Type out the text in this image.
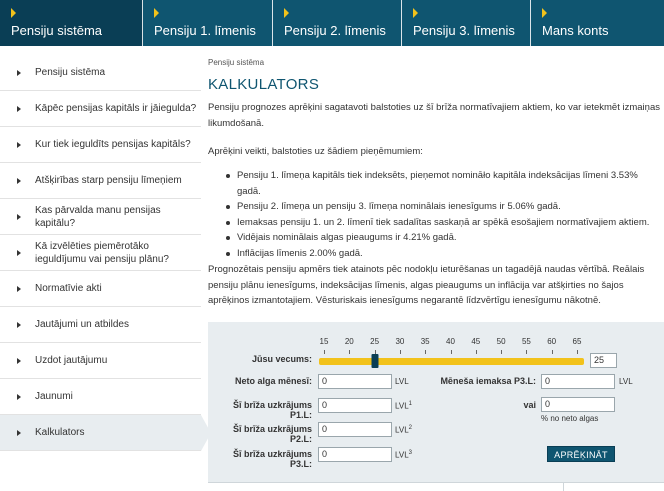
Pensiju sistēma	Pensiju 1. līmenis	Pensiju 2. līmenis	Pensiju 3. līmenis	Mans konts
Pensiju sistēma
Kāpēc pensijas kapitāls ir jāiegulda?
Kur tiek ieguldīts pensijas kapitāls?
Atšķirības starp pensiju līmeņiem
Kas pārvalda manu pensijas kapitālu?
Kā izvēlēties piemērotāko ieguldījumu vai pensiju plānu?
Normatīvie akti
Jautājumi un atbildes
Uzdot jautājumu
Jaunumi
Kalkulators
Pensiju sistēma
KALKULATORS
Pensiju prognozes aprēķini sagatavoti balstoties uz šī brīža normatīvajiem aktiem, ko var ietekmēt izmaiņas likumdošanā.
Aprēķini veikti, balstoties uz šādiem pieņēmumiem:
Pensiju 1. līmeņa kapitāls tiek indeksēts, pieņemot nomināło kapitāla indeksācijas līmeni 3.53% gadā.
Pensiju 2. līmeņa un pensiju 3. līmeņa nominālais ienesīgums ir 5.06% gadā.
Iemaksas pensiju 1. un 2. līmenī tiek sadalītas saskaņā ar spēkā esošajiem normatīvajiem aktiem.
Vidējais nominālais algas pieaugums ir 4.21% gadā.
Inflācijas līmenis 2.00% gadā.
Prognozētais pensiju apmērs tiek atainots pēc nodokļu ieturēšanas un tagadējā naudas vērtībā. Reālais pensiju plānu ienesīgums, indeksācijas līmenis, algas pieaugums un inflācija var atšķirties no šajos aprēķinos izmantotajiem. Vēsturiskais ienesīgums negarantē līdzvērtīgu ienesīgumu nākotnē.
15 20 25 30 35 40 45 50 55 60 65
Jūsu vecums:	25
Neto alga mēnesī:	0	LVL	Mēneša iemaksa P3.L:	0	LVL
Šī brīža uzkrājums P1.L:
0	LVL$^1$	vai	0
% no neto algas
Šī brīža uzkrājums P2.L:
0	LVL$^2$
Šī brīža uzkrājums P3.L:
0	LVL$^3$	APRĒĶINĀT
